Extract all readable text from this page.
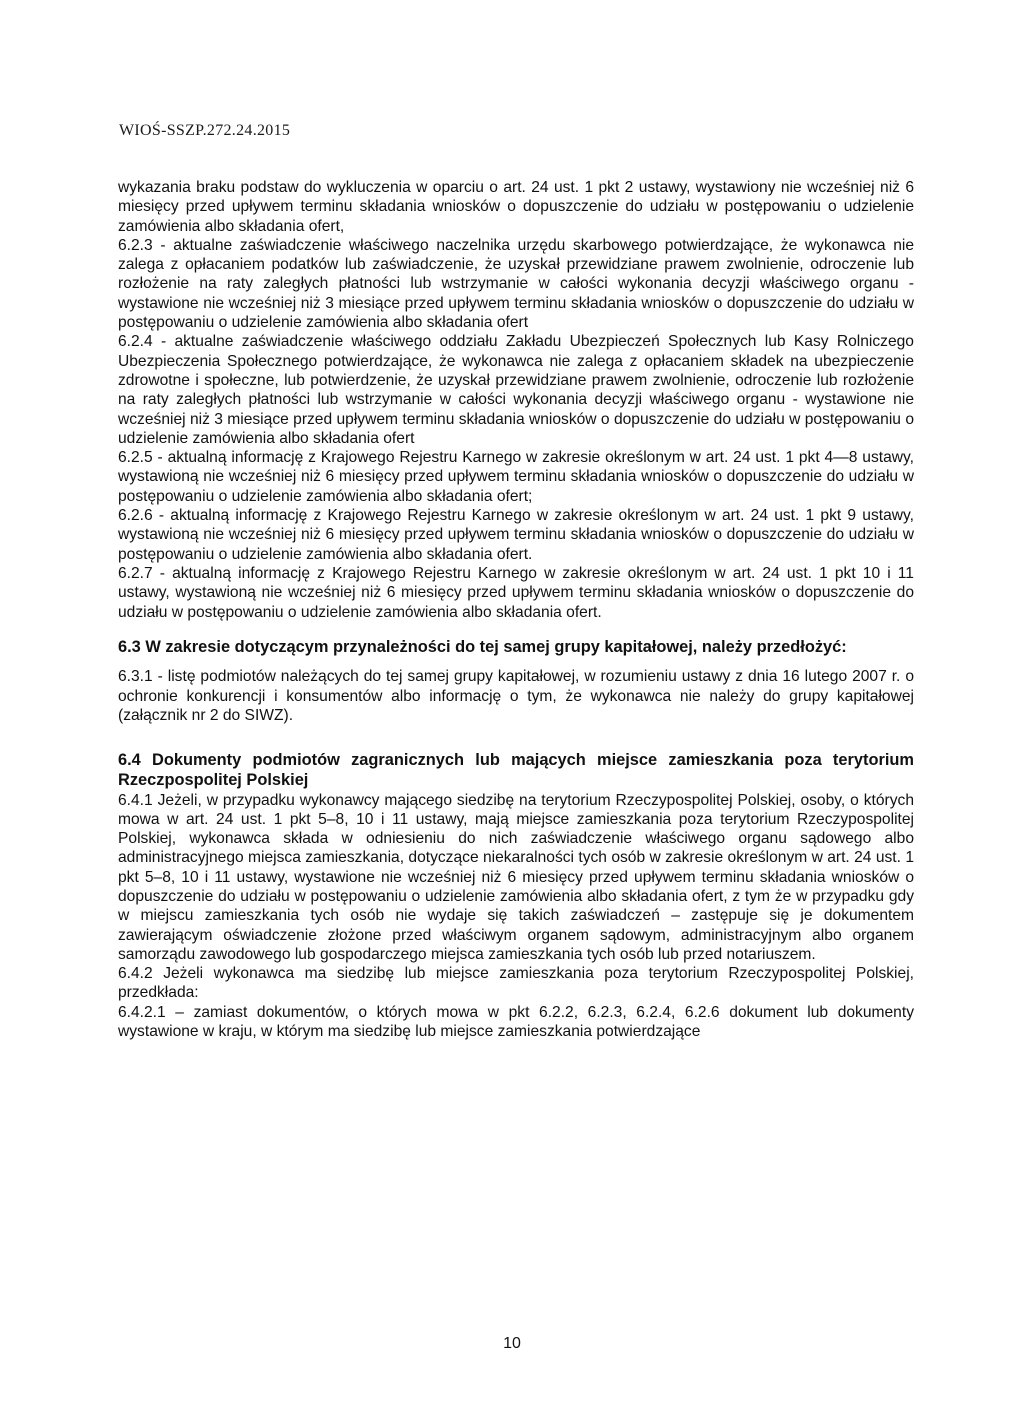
WIOŚ-SSZP.272.24.2015

wykazania braku podstaw do wykluczenia w oparciu o art. 24 ust. 1 pkt 2 ustawy, wystawiony nie wcześniej niż 6 miesięcy przed upływem terminu składania wniosków o dopuszczenie do udziału w postępowaniu o udzielenie zamówienia albo składania ofert,

6.2.3 - aktualne zaświadczenie właściwego naczelnika urzędu skarbowego potwierdzające, że wykonawca nie zalega z opłacaniem podatków lub zaświadczenie, że uzyskał przewidziane prawem zwolnienie, odroczenie lub rozłożenie na raty zaległych płatności lub wstrzymanie w całości wykonania decyzji właściwego organu - wystawione nie wcześniej niż 3 miesiące przed upływem terminu składania wniosków o dopuszczenie do udziału w postępowaniu o udzielenie zamówienia albo składania ofert

6.2.4 - aktualne zaświadczenie właściwego oddziału Zakładu Ubezpieczeń Społecznych lub Kasy Rolniczego Ubezpieczenia Społecznego potwierdzające, że wykonawca nie zalega z opłacaniem składek na ubezpieczenie zdrowotne i społeczne, lub potwierdzenie, że uzyskał przewidziane prawem zwolnienie, odroczenie lub rozłożenie na raty zaległych płatności lub wstrzymanie w całości wykonania decyzji właściwego organu - wystawione nie wcześniej niż 3 miesiące przed upływem terminu składania wniosków o dopuszczenie do udziału w postępowaniu o udzielenie zamówienia albo składania ofert

6.2.5 - aktualną informację z Krajowego Rejestru Karnego w zakresie określonym w art. 24 ust. 1 pkt 4—8 ustawy, wystawioną nie wcześniej niż 6 miesięcy przed upływem terminu składania wniosków o dopuszczenie do udziału w postępowaniu o udzielenie zamówienia albo składania ofert;

6.2.6 - aktualną informację z Krajowego Rejestru Karnego w zakresie określonym w art. 24 ust. 1 pkt 9 ustawy, wystawioną nie wcześniej niż 6 miesięcy przed upływem terminu składania wniosków o dopuszczenie do udziału w postępowaniu o udzielenie zamówienia albo składania ofert.

6.2.7 - aktualną informację z Krajowego Rejestru Karnego w zakresie określonym w art. 24 ust. 1 pkt 10 i 11 ustawy, wystawioną nie wcześniej niż 6 miesięcy przed upływem terminu składania wniosków o dopuszczenie do udziału w postępowaniu o udzielenie zamówienia albo składania ofert.

6.3 W zakresie dotyczącym przynależności do tej samej grupy kapitałowej, należy przedłożyć:

6.3.1 - listę podmiotów należących do tej samej grupy kapitałowej, w rozumieniu ustawy z dnia 16 lutego 2007 r. o ochronie konkurencji i konsumentów albo informację o tym, że wykonawca nie należy do grupy kapitałowej (załącznik nr 2 do SIWZ).

6.4 Dokumenty podmiotów zagranicznych lub mających miejsce zamieszkania poza terytorium Rzeczpospolitej Polskiej

6.4.1 Jeżeli, w przypadku wykonawcy mającego siedzibę na terytorium Rzeczypospolitej Polskiej, osoby, o których mowa w art. 24 ust. 1 pkt 5–8, 10 i 11 ustawy, mają miejsce zamieszkania poza terytorium Rzeczypospolitej Polskiej, wykonawca składa w odniesieniu do nich zaświadczenie właściwego organu sądowego albo administracyjnego miejsca zamieszkania, dotyczące niekaralności tych osób w zakresie określonym w art. 24 ust. 1 pkt 5–8, 10 i 11 ustawy, wystawione nie wcześniej niż 6 miesięcy przed upływem terminu składania wniosków o dopuszczenie do udziału w postępowaniu o udzielenie zamówienia albo składania ofert, z tym że w przypadku gdy w miejscu zamieszkania tych osób nie wydaje się takich zaświadczeń – zastępuje się je dokumentem zawierającym oświadczenie złożone przed właściwym organem sądowym, administracyjnym albo organem samorządu zawodowego lub gospodarczego miejsca zamieszkania tych osób lub przed notariuszem.

6.4.2 Jeżeli wykonawca ma siedzibę lub miejsce zamieszkania poza terytorium Rzeczypospolitej Polskiej, przedkłada:

6.4.2.1 – zamiast dokumentów, o których mowa w pkt 6.2.2, 6.2.3, 6.2.4, 6.2.6 dokument lub dokumenty wystawione w kraju, w którym ma siedzibę lub miejsce zamieszkania potwierdzające

10
